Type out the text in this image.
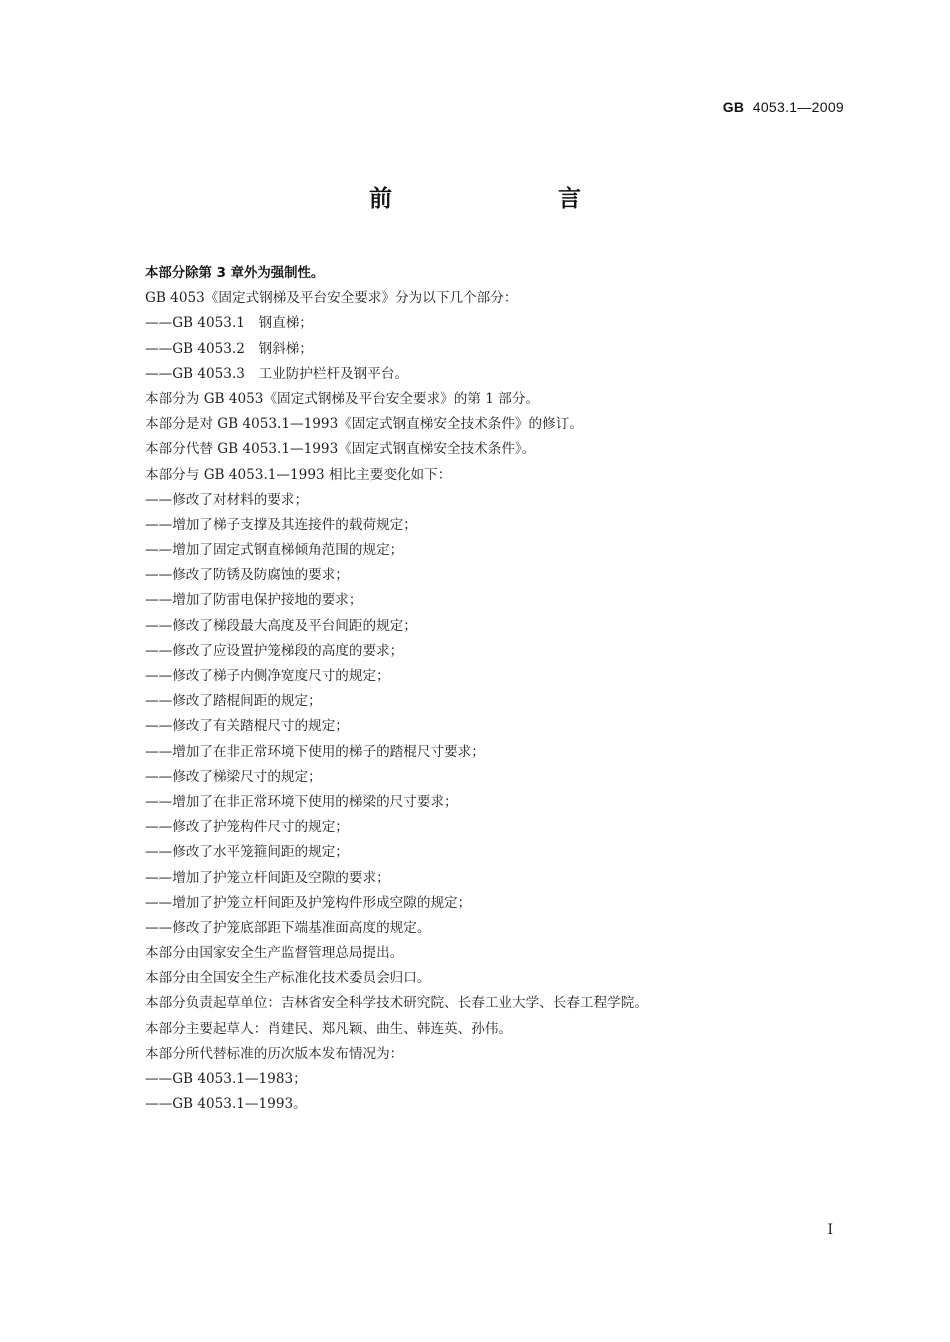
GB 4053.1—2009
前　　言
本部分除第 3 章外为强制性。
GB 4053《固定式钢梯及平台安全要求》分为以下几个部分：
——GB 4053.1　钢直梯；
——GB 4053.2　钢斜梯；
——GB 4053.3　工业防护栏杆及钢平台。
本部分为 GB 4053《固定式钢梯及平台安全要求》的第 1 部分。
本部分是对 GB 4053.1—1993《固定式钢直梯安全技术条件》的修订。
本部分代替 GB 4053.1—1993《固定式钢直梯安全技术条件》。
本部分与 GB 4053.1—1993 相比主要变化如下：
——修改了对材料的要求；
——增加了梯子支撑及其连接件的载荷规定；
——增加了固定式钢直梯倾角范围的规定；
——修改了防锈及防腐蚀的要求；
——增加了防雷电保护接地的要求；
——修改了梯段最大高度及平台间距的规定；
——修改了应设置护笼梯段的高度的要求；
——修改了梯子内侧净宽度尺寸的规定；
——修改了踏棍间距的规定；
——修改了有关踏棍尺寸的规定；
——增加了在非正常环境下使用的梯子的踏棍尺寸要求；
——修改了梯梁尺寸的规定；
——增加了在非正常环境下使用的梯梁的尺寸要求；
——修改了护笼构件尺寸的规定；
——修改了水平笼箍间距的规定；
——增加了护笼立杆间距及空隙的要求；
——增加了护笼立杆间距及护笼构件形成空隙的规定；
——修改了护笼底部距下端基准面高度的规定。
本部分由国家安全生产监督管理总局提出。
本部分由全国安全生产标准化技术委员会归口。
本部分负责起草单位：吉林省安全科学技术研究院、长春工业大学、长春工程学院。
本部分主要起草人：肖建民、郑凡颖、曲生、韩连英、孙伟。
本部分所代替标准的历次版本发布情况为：
——GB 4053.1—1983；
——GB 4053.1—1993。
I
